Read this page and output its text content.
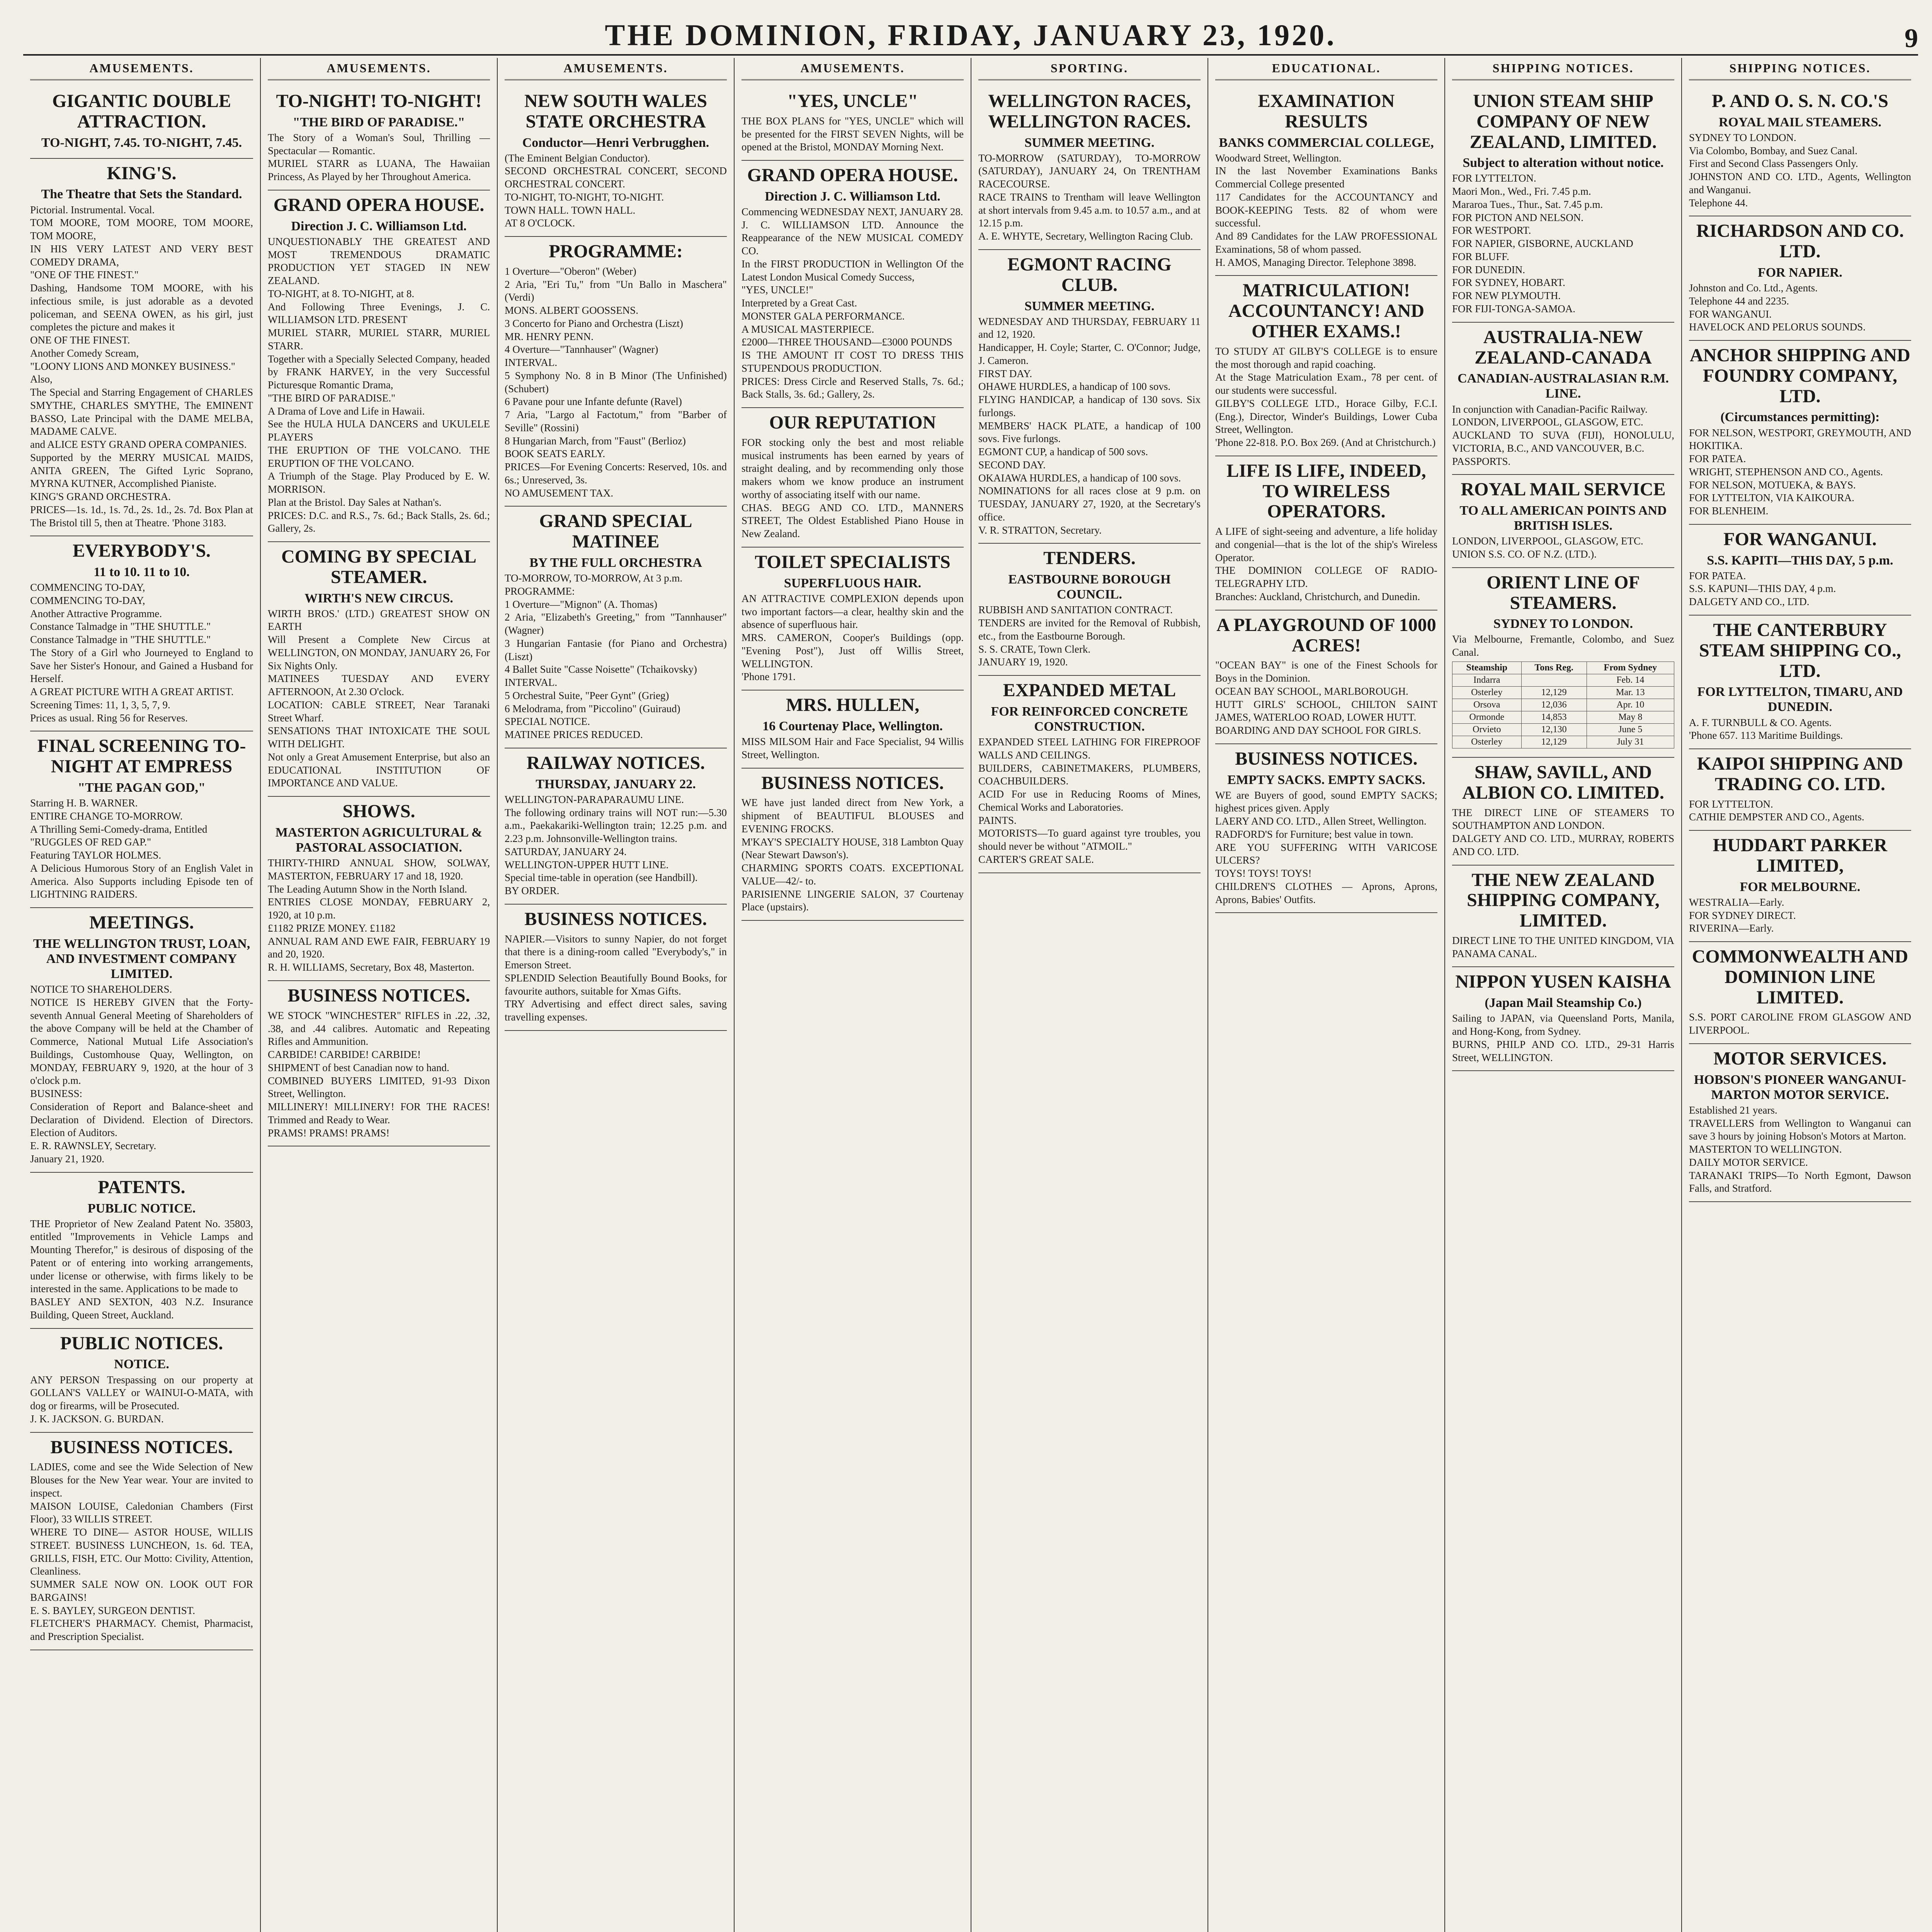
THE DOMINION, FRIDAY, JANUARY 23, 1920.	9
AMUSEMENTS.
GIGANTIC DOUBLE ATTRACTION.
TO-NIGHT, 7.45. TO-NIGHT, 7.45.
KING'S.
The Theatre that Sets the Standard.
Pictorial. Instrumental. Vocal.
TOM MOORE, TOM MOORE, TOM MOORE, TOM MOORE,
IN HIS VERY LATEST AND VERY BEST COMEDY DRAMA,
"ONE OF THE FINEST."
Dashing, Handsome TOM MOORE, with his infectious smile, is just adorable as a devoted policeman, and SEENA OWEN, as his girl, just completes the picture and makes it
ONE OF THE FINEST.
Another Comedy Scream,
"LOONY LIONS AND MONKEY BUSINESS."
Also,
The Special and Starring Engagement of CHARLES SMYTHE, CHARLES SMYTHE, The EMINENT BASSO, Late Principal with the DAME MELBA, MADAME CALVE.
and ALICE ESTY GRAND OPERA COMPANIES.
Supported by the MERRY MUSICAL MAIDS, ANITA GREEN, The Gifted Lyric Soprano, MYRNA KUTNER, Accomplished Pianiste.
KING'S GRAND ORCHESTRA.
PRICES—1s. 1d., 1s. 7d., 2s. 1d., 2s. 7d. Box Plan at The Bristol till 5, then at Theatre. 'Phone 3183.
EVERYBODY'S.
11 to 10. 11 to 10.
COMMENCING TO-DAY,
COMMENCING TO-DAY,
Another Attractive Programme.
Constance Talmadge in "THE SHUTTLE."
Constance Talmadge in "THE SHUTTLE."
The Story of a Girl who Journeyed to England to Save her Sister's Honour, and Gained a Husband for Herself.
A GREAT PICTURE WITH A GREAT ARTIST.
Screening Times: 11, 1, 3, 5, 7, 9.
Prices as usual. Ring 56 for Reserves.
FINAL SCREENING TO-NIGHT AT EMPRESS
"THE PAGAN GOD,"
Starring H. B. WARNER.
ENTIRE CHANGE TO-MORROW.
A Thrilling Semi-Comedy-drama, Entitled
"RUGGLES OF RED GAP."
Featuring TAYLOR HOLMES.
A Delicious Humorous Story of an English Valet in America. Also Supports including Episode ten of LIGHTNING RAIDERS.
MEETINGS.
THE WELLINGTON TRUST, LOAN, AND INVESTMENT COMPANY LIMITED.
NOTICE TO SHAREHOLDERS.
NOTICE IS HEREBY GIVEN that the Forty-seventh Annual General Meeting of Shareholders of the above Company will be held at the Chamber of Commerce, National Mutual Life Association's Buildings, Customhouse Quay, Wellington, on MONDAY, FEBRUARY 9, 1920, at the hour of 3 o'clock p.m.
BUSINESS:
Consideration of Report and Balance-sheet and Declaration of Dividend. Election of Directors. Election of Auditors.
E. R. RAWNSLEY, Secretary.
January 21, 1920.
PATENTS.
PUBLIC NOTICE.
THE Proprietor of New Zealand Patent No. 35803, entitled "Improvements in Vehicle Lamps and Mounting Therefor," is desirous of disposing of the Patent or of entering into working arrangements, under license or otherwise, with firms likely to be interested in the same. Applications to be made to
BASLEY AND SEXTON, 403 N.Z. Insurance Building, Queen Street, Auckland.
PUBLIC NOTICES.
NOTICE.
ANY PERSON Trespassing on our property at GOLLAN'S VALLEY or WAINUI-O-MATA, with dog or firearms, will be Prosecuted.
J. K. JACKSON. G. BURDAN.
BUSINESS NOTICES.
LADIES, come and see the Wide Selection of New Blouses for the New Year wear. Your are invited to inspect.
MAISON LOUISE, Caledonian Chambers (First Floor), 33 WILLIS STREET.
WHERE TO DINE— ASTOR HOUSE, WILLIS STREET. BUSINESS LUNCHEON, 1s. 6d. TEA, GRILLS, FISH, ETC. Our Motto: Civility, Attention, Cleanliness.
SUMMER SALE NOW ON. LOOK OUT FOR BARGAINS!
E. S. BAYLEY, SURGEON DENTIST.
FLETCHER'S PHARMACY. Chemist, Pharmacist, and Prescription Specialist.
AMUSEMENTS.
TO-NIGHT! TO-NIGHT!
"THE BIRD OF PARADISE."
The Story of a Woman's Soul, Thrilling — Spectacular — Romantic.
MURIEL STARR as LUANA, The Hawaiian Princess, As Played by her Throughout America.
GRAND OPERA HOUSE.
Direction J. C. Williamson Ltd.
UNQUESTIONABLY THE GREATEST AND MOST TREMENDOUS DRAMATIC PRODUCTION YET STAGED IN NEW ZEALAND.
TO-NIGHT, at 8. TO-NIGHT, at 8.
And Following Three Evenings, J. C. WILLIAMSON LTD. PRESENT
MURIEL STARR, MURIEL STARR, MURIEL STARR.
Together with a Specially Selected Company, headed by FRANK HARVEY, in the very Successful Picturesque Romantic Drama,
"THE BIRD OF PARADISE."
A Drama of Love and Life in Hawaii.
See the HULA HULA DANCERS and UKULELE PLAYERS
THE ERUPTION OF THE VOLCANO. THE ERUPTION OF THE VOLCANO.
A Triumph of the Stage. Play Produced by E. W. MORRISON.
Plan at the Bristol. Day Sales at Nathan's.
PRICES: D.C. and R.S., 7s. 6d.; Back Stalls, 2s. 6d.; Gallery, 2s.
COMING BY SPECIAL STEAMER.
WIRTH'S NEW CIRCUS.
WIRTH BROS.' (LTD.) GREATEST SHOW ON EARTH
Will Present a Complete New Circus at WELLINGTON, ON MONDAY, JANUARY 26, For Six Nights Only.
MATINEES TUESDAY AND EVERY AFTERNOON, At 2.30 O'clock.
LOCATION: CABLE STREET, Near Taranaki Street Wharf.
SENSATIONS THAT INTOXICATE THE SOUL WITH DELIGHT.
Not only a Great Amusement Enterprise, but also an EDUCATIONAL INSTITUTION OF IMPORTANCE AND VALUE.
SHOWS.
MASTERTON AGRICULTURAL & PASTORAL ASSOCIATION.
THIRTY-THIRD ANNUAL SHOW, SOLWAY, MASTERTON, FEBRUARY 17 and 18, 1920.
The Leading Autumn Show in the North Island.
ENTRIES CLOSE MONDAY, FEBRUARY 2, 1920, at 10 p.m.
£1182 PRIZE MONEY. £1182
ANNUAL RAM AND EWE FAIR, FEBRUARY 19 and 20, 1920.
R. H. WILLIAMS, Secretary, Box 48, Masterton.
BUSINESS NOTICES.
WE STOCK "WINCHESTER" RIFLES in .22, .32, .38, and .44 calibres. Automatic and Repeating Rifles and Ammunition.
CARBIDE! CARBIDE! CARBIDE!
SHIPMENT of best Canadian now to hand.
COMBINED BUYERS LIMITED, 91-93 Dixon Street, Wellington.
MILLINERY! MILLINERY! FOR THE RACES! Trimmed and Ready to Wear.
PRAMS! PRAMS! PRAMS!
AMUSEMENTS.
NEW SOUTH WALES STATE ORCHESTRA
Conductor—Henri Verbrugghen.
(The Eminent Belgian Conductor).
SECOND ORCHESTRAL CONCERT, SECOND ORCHESTRAL CONCERT.
TO-NIGHT, TO-NIGHT, TO-NIGHT.
TOWN HALL. TOWN HALL.
AT 8 O'CLOCK.
PROGRAMME:
1 Overture—"Oberon" (Weber)
2 Aria, "Eri Tu," from "Un Ballo in Maschera" (Verdi)
MONS. ALBERT GOOSSENS.
3 Concerto for Piano and Orchestra (Liszt)
MR. HENRY PENN.
4 Overture—"Tannhauser" (Wagner)
INTERVAL.
5 Symphony No. 8 in B Minor (The Unfinished) (Schubert)
6 Pavane pour une Infante defunte (Ravel)
7 Aria, "Largo al Factotum," from "Barber of Seville" (Rossini)
8 Hungarian March, from "Faust" (Berlioz)
BOOK SEATS EARLY.
PRICES—For Evening Concerts: Reserved, 10s. and 6s.; Unreserved, 3s.
NO AMUSEMENT TAX.
GRAND SPECIAL MATINEE
BY THE FULL ORCHESTRA
TO-MORROW, TO-MORROW, At 3 p.m.
PROGRAMME:
1 Overture—"Mignon" (A. Thomas)
2 Aria, "Elizabeth's Greeting," from "Tannhauser" (Wagner)
3 Hungarian Fantasie (for Piano and Orchestra) (Liszt)
4 Ballet Suite "Casse Noisette" (Tchaikovsky)
INTERVAL.
5 Orchestral Suite, "Peer Gynt" (Grieg)
6 Melodrama, from "Piccolino" (Guiraud)
SPECIAL NOTICE.
MATINEE PRICES REDUCED.
RAILWAY NOTICES.
THURSDAY, JANUARY 22.
WELLINGTON-PARAPARAUMU LINE.
The following ordinary trains will NOT run:—5.30 a.m., Paekakariki-Wellington train; 12.25 p.m. and 2.23 p.m. Johnsonville-Wellington trains.
SATURDAY, JANUARY 24.
WELLINGTON-UPPER HUTT LINE.
Special time-table in operation (see Handbill).
BY ORDER.
BUSINESS NOTICES.
NAPIER.—Visitors to sunny Napier, do not forget that there is a dining-room called "Everybody's," in Emerson Street.
SPLENDID Selection Beautifully Bound Books, for favourite authors, suitable for Xmas Gifts.
TRY Advertising and effect direct sales, saving travelling expenses.
AMUSEMENTS.
"YES, UNCLE"
THE BOX PLANS for "YES, UNCLE" which will be presented for the FIRST SEVEN Nights, will be opened at the Bristol, MONDAY Morning Next.
GRAND OPERA HOUSE.
Direction J. C. Williamson Ltd.
Commencing WEDNESDAY NEXT, JANUARY 28.
J. C. WILLIAMSON LTD. Announce the Reappearance of the NEW MUSICAL COMEDY CO.
In the FIRST PRODUCTION in Wellington Of the Latest London Musical Comedy Success,
"YES, UNCLE!"
Interpreted by a Great Cast.
MONSTER GALA PERFORMANCE.
A MUSICAL MASTERPIECE.
£2000—THREE THOUSAND—£3000 POUNDS
IS THE AMOUNT IT COST TO DRESS THIS STUPENDOUS PRODUCTION.
PRICES: Dress Circle and Reserved Stalls, 7s. 6d.; Back Stalls, 3s. 6d.; Gallery, 2s.
OUR REPUTATION
FOR stocking only the best and most reliable musical instruments has been earned by years of straight dealing, and by recommending only those makers whom we know produce an instrument worthy of associating itself with our name.
CHAS. BEGG AND CO. LTD., MANNERS STREET, The Oldest Established Piano House in New Zealand.
TOILET SPECIALISTS
SUPERFLUOUS HAIR.
AN ATTRACTIVE COMPLEXION depends upon two important factors—a clear, healthy skin and the absence of superfluous hair.
MRS. CAMERON, Cooper's Buildings (opp. "Evening Post"), Just off Willis Street, WELLINGTON.
'Phone 1791.
MRS. HULLEN,
16 Courtenay Place, Wellington.
MISS MILSOM Hair and Face Specialist, 94 Willis Street, Wellington.
BUSINESS NOTICES.
WE have just landed direct from New York, a shipment of BEAUTIFUL BLOUSES and EVENING FROCKS.
M'KAY'S SPECIALTY HOUSE, 318 Lambton Quay (Near Stewart Dawson's).
CHARMING SPORTS COATS. EXCEPTIONAL VALUE—42/- to.
PARISIENNE LINGERIE SALON, 37 Courtenay Place (upstairs).
SPORTING.
WELLINGTON RACES, WELLINGTON RACES.
SUMMER MEETING.
TO-MORROW (SATURDAY), TO-MORROW (SATURDAY), JANUARY 24, On TRENTHAM RACECOURSE.
RACE TRAINS to Trentham will leave Wellington at short intervals from 9.45 a.m. to 10.57 a.m., and at 12.15 p.m.
A. E. WHYTE, Secretary, Wellington Racing Club.
EGMONT RACING CLUB.
SUMMER MEETING.
WEDNESDAY AND THURSDAY, FEBRUARY 11 and 12, 1920.
Handicapper, H. Coyle; Starter, C. O'Connor; Judge, J. Cameron.
FIRST DAY.
OHAWE HURDLES, a handicap of 100 sovs.
FLYING HANDICAP, a handicap of 130 sovs. Six furlongs.
MEMBERS' HACK PLATE, a handicap of 100 sovs. Five furlongs.
EGMONT CUP, a handicap of 500 sovs.
SECOND DAY.
OKAIAWA HURDLES, a handicap of 100 sovs.
NOMINATIONS for all races close at 9 p.m. on TUESDAY, JANUARY 27, 1920, at the Secretary's office.
V. R. STRATTON, Secretary.
TENDERS.
EASTBOURNE BOROUGH COUNCIL.
RUBBISH AND SANITATION CONTRACT.
TENDERS are invited for the Removal of Rubbish, etc., from the Eastbourne Borough.
S. S. CRATE, Town Clerk.
JANUARY 19, 1920.
EXPANDED METAL
FOR REINFORCED CONCRETE CONSTRUCTION.
EXPANDED STEEL LATHING FOR FIREPROOF WALLS AND CEILINGS.
BUILDERS, CABINETMAKERS, PLUMBERS, COACHBUILDERS.
ACID For use in Reducing Rooms of Mines, Chemical Works and Laboratories.
PAINTS.
MOTORISTS—To guard against tyre troubles, you should never be without "ATMOIL."
CARTER'S GREAT SALE.
EDUCATIONAL.
EXAMINATION RESULTS
BANKS COMMERCIAL COLLEGE,
Woodward Street, Wellington.
IN the last November Examinations Banks Commercial College presented
117 Candidates for the ACCOUNTANCY and BOOK-KEEPING Tests. 82 of whom were successful.
And 89 Candidates for the LAW PROFESSIONAL Examinations, 58 of whom passed.
H. AMOS, Managing Director. Telephone 3898.
MATRICULATION! ACCOUNTANCY! AND OTHER EXAMS.!
TO STUDY AT GILBY'S COLLEGE is to ensure the most thorough and rapid coaching.
At the Stage Matriculation Exam., 78 per cent. of our students were successful.
GILBY'S COLLEGE LTD., Horace Gilby, F.C.I. (Eng.), Director, Winder's Buildings, Lower Cuba Street, Wellington.
'Phone 22-818. P.O. Box 269. (And at Christchurch.)
LIFE IS LIFE, INDEED, TO WIRELESS OPERATORS.
A LIFE of sight-seeing and adventure, a life holiday and congenial—that is the lot of the ship's Wireless Operator.
THE DOMINION COLLEGE OF RADIO-TELEGRAPHY LTD.
Branches: Auckland, Christchurch, and Dunedin.
A PLAYGROUND OF 1000 ACRES!
"OCEAN BAY" is one of the Finest Schools for Boys in the Dominion.
OCEAN BAY SCHOOL, MARLBOROUGH.
HUTT GIRLS' SCHOOL, CHILTON SAINT JAMES, WATERLOO ROAD, LOWER HUTT.
BOARDING AND DAY SCHOOL FOR GIRLS.
BUSINESS NOTICES.
EMPTY SACKS. EMPTY SACKS.
WE are Buyers of good, sound EMPTY SACKS; highest prices given. Apply
LAERY AND CO. LTD., Allen Street, Wellington.
RADFORD'S for Furniture; best value in town.
ARE YOU SUFFERING WITH VARICOSE ULCERS?
TOYS! TOYS! TOYS!
CHILDREN'S CLOTHES — Aprons, Aprons, Aprons, Babies' Outfits.
SHIPPING NOTICES.
UNION STEAM SHIP COMPANY OF NEW ZEALAND, LIMITED.
Subject to alteration without notice.
FOR LYTTELTON.
Maori Mon., Wed., Fri. 7.45 p.m.
Mararoa Tues., Thur., Sat. 7.45 p.m.
FOR PICTON AND NELSON.
FOR WESTPORT.
FOR NAPIER, GISBORNE, AUCKLAND
FOR BLUFF.
FOR DUNEDIN.
FOR SYDNEY, HOBART.
FOR NEW PLYMOUTH.
FOR FIJI-TONGA-SAMOA.
AUSTRALIA-NEW ZEALAND-CANADA
CANADIAN-AUSTRALASIAN R.M. LINE.
In conjunction with Canadian-Pacific Railway.
LONDON, LIVERPOOL, GLASGOW, ETC.
AUCKLAND TO SUVA (FIJI), HONOLULU, VICTORIA, B.C., AND VANCOUVER, B.C.
PASSPORTS.
ROYAL MAIL SERVICE
TO ALL AMERICAN POINTS AND BRITISH ISLES.
LONDON, LIVERPOOL, GLASGOW, ETC.
UNION S.S. CO. OF N.Z. (LTD.).
ORIENT LINE OF STEAMERS.
SYDNEY TO LONDON.
Via Melbourne, Fremantle, Colombo, and Suez Canal.
Steamship	Tons Reg.	From Sydney
Indarra		Feb. 14
Osterley	12,129	Mar. 13
Orsova	12,036	Apr. 10
Ormonde	14,853	May 8
Orvieto	12,130	June 5
Osterley	12,129	July 31
SHAW, SAVILL, AND ALBION CO. LIMITED.
THE DIRECT LINE OF STEAMERS TO SOUTHAMPTON AND LONDON.
DALGETY AND CO. LTD., MURRAY, ROBERTS AND CO. LTD.
THE NEW ZEALAND SHIPPING COMPANY, LIMITED.
DIRECT LINE TO THE UNITED KINGDOM, VIA PANAMA CANAL.
NIPPON YUSEN KAISHA
(Japan Mail Steamship Co.)
Sailing to JAPAN, via Queensland Ports, Manila, and Hong-Kong, from Sydney.
BURNS, PHILP AND CO. LTD., 29-31 Harris Street, WELLINGTON.
SHIPPING NOTICES.
P. AND O. S. N. CO.'S
ROYAL MAIL STEAMERS.
SYDNEY TO LONDON.
Via Colombo, Bombay, and Suez Canal.
First and Second Class Passengers Only.
JOHNSTON AND CO. LTD., Agents, Wellington and Wanganui.
Telephone 44.
RICHARDSON AND CO. LTD.
FOR NAPIER.
Johnston and Co. Ltd., Agents.
Telephone 44 and 2235.
FOR WANGANUI.
HAVELOCK AND PELORUS SOUNDS.
ANCHOR SHIPPING AND FOUNDRY COMPANY, LTD.
(Circumstances permitting):
FOR NELSON, WESTPORT, GREYMOUTH, AND HOKITIKA.
FOR PATEA.
WRIGHT, STEPHENSON AND CO., Agents.
FOR NELSON, MOTUEKA, & BAYS.
FOR LYTTELTON, VIA KAIKOURA.
FOR BLENHEIM.
FOR WANGANUI.
S.S. KAPITI—THIS DAY, 5 p.m.
FOR PATEA.
S.S. KAPUNI—THIS DAY, 4 p.m.
DALGETY AND CO., LTD.
THE CANTERBURY STEAM SHIPPING CO., LTD.
FOR LYTTELTON, TIMARU, AND DUNEDIN.
A. F. TURNBULL & CO. Agents.
'Phone 657. 113 Maritime Buildings.
KAIPOI SHIPPING AND TRADING CO. LTD.
FOR LYTTELTON.
CATHIE DEMPSTER AND CO., Agents.
HUDDART PARKER LIMITED,
FOR MELBOURNE.
WESTRALIA—Early.
FOR SYDNEY DIRECT.
RIVERINA—Early.
COMMONWEALTH AND DOMINION LINE LIMITED.
S.S. PORT CAROLINE FROM GLASGOW AND LIVERPOOL.
MOTOR SERVICES.
HOBSON'S PIONEER WANGANUI-MARTON MOTOR SERVICE.
Established 21 years.
TRAVELLERS from Wellington to Wanganui can save 3 hours by joining Hobson's Motors at Marton.
MASTERTON TO WELLINGTON.
DAILY MOTOR SERVICE.
TARANAKI TRIPS—To North Egmont, Dawson Falls, and Stratford.
